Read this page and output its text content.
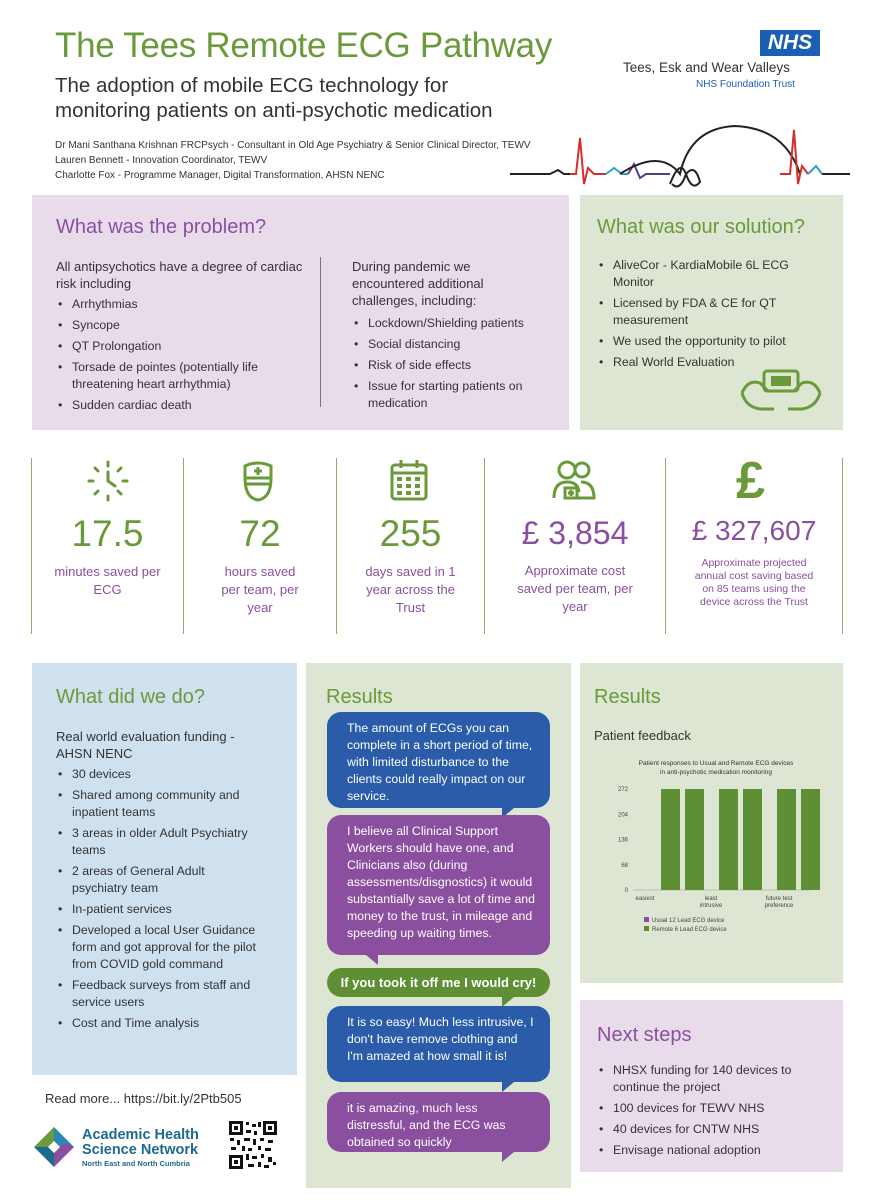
The Tees Remote ECG Pathway
The adoption of mobile ECG technology for
monitoring patients on anti-psychotic medication
Dr Mani Santhana Krishnan FRCPsych - Consultant in Old Age Psychiatry & Senior Clinical Director, TEWV
Lauren Bennett - Innovation Coordinator, TEWV
Charlotte Fox - Programme Manager, Digital Transformation, AHSN NENC
NHS
Tees, Esk and Wear Valleys
NHS Foundation Trust
What was the problem?
All antipsychotics have a degree of cardiac risk including
• Arrhythmias
• Syncope
• QT Prolongation
• Torsade de pointes (potentially life threatening heart arrhythmia)
• Sudden cardiac death
During pandemic we encountered additional challenges, including:
• Lockdown/Shielding patients
• Social distancing
• Risk of side effects
• Issue for starting patients on medication
What was our solution?
• AliveCor - KardiaMobile 6L ECG Monitor
• Licensed by FDA & CE for QT measurement
• We used the opportunity to pilot
• Real World Evaluation
17.5
minutes saved per ECG
72
hours saved per team, per year
255
days saved in 1 year across the Trust
£ 3,854
Approximate cost saved per team, per year
£
£ 327,607
Approximate projected annual cost saving based on 85 teams using the device across the Trust
What did we do?
Real world evaluation funding - AHSN NENC
• 30 devices
• Shared among community and inpatient teams
• 3 areas in older Adult Psychiatry teams
• 2 areas of General Adult psychiatry team
• In-patient services
• Developed a local User Guidance form and got approval for the pilot from COVID gold command
• Feedback surveys from staff and service users
• Cost and Time analysis
Results
The amount of ECGs you can complete in a short period of time, with limited disturbance to the clients could really impact on our service.
I believe all Clinical Support Workers should have one, and Clinicians also (during assessments/disgnostics) it would substantially save a lot of time and money to the trust, in mileage and speeding up waiting times.
If you took it off me I would cry!
It is so easy! Much less intrusive, I don't have remove clothing and I'm amazed at how small it is!
it is amazing, much less distressful, and the ECG was obtained so quickly
Results
Patient feedback
Patient responses to Usual and Remote ECG devices
in anti-psychotic medication monitoring
0
68
136
204
272
easiest	least intrusive
future test preference
Usual 12 Lead ECG device
Remote 6 Lead ECG device
Next steps
• NHSX funding for 140 devices to continue the project
• 100 devices for TEWV NHS
• 40 devices for CNTW NHS
• Envisage national adoption
Read more... https://bit.ly/2Ptb505
Academic Health
Science Network
North East and North Cumbria
